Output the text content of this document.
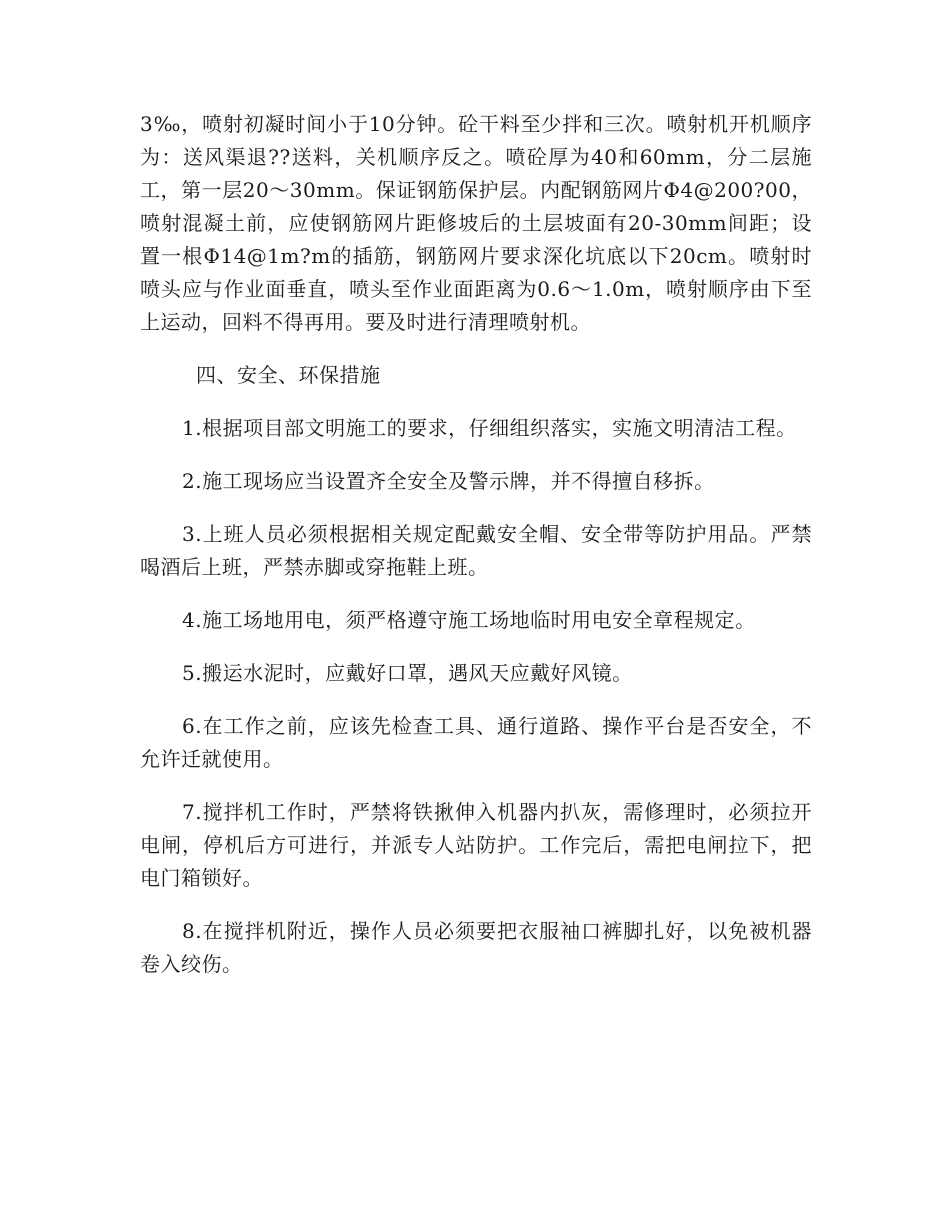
3‰，喷射初凝时间小于10分钟。砼干料至少拌和三次。喷射机开机顺序为：送风渠退??送料，关机顺序反之。喷砼厚为40和60mm，分二层施工，第一层20～30mm。保证钢筋保护层。内配钢筋网片Φ4@200?00，喷射混凝土前，应使钢筋网片距修坡后的土层坡面有20-30mm间距；设置一根Φ14@1m?m的插筋，钢筋网片要求深化坑底以下20cm。喷射时喷头应与作业面垂直，喷头至作业面距离为0.6～1.0m，喷射顺序由下至上运动，回料不得再用。要及时进行清理喷射机。

四、安全、环保措施

1.根据项目部文明施工的要求，仔细组织落实，实施文明清洁工程。

2.施工现场应当设置齐全安全及警示牌，并不得擅自移拆。

3.上班人员必须根据相关规定配戴安全帽、安全带等防护用品。严禁喝酒后上班，严禁赤脚或穿拖鞋上班。

4.施工场地用电，须严格遵守施工场地临时用电安全章程规定。

5.搬运水泥时，应戴好口罩，遇风天应戴好风镜。

6.在工作之前，应该先检查工具、通行道路、操作平台是否安全，不允许迁就使用。

7.搅拌机工作时，严禁将铁揪伸入机器内扒灰，需修理时，必须拉开电闸，停机后方可进行，并派专人站防护。工作完后，需把电闸拉下，把电门箱锁好。

8.在搅拌机附近，操作人员必须要把衣服袖口裤脚扎好，以免被机器卷入绞伤。
